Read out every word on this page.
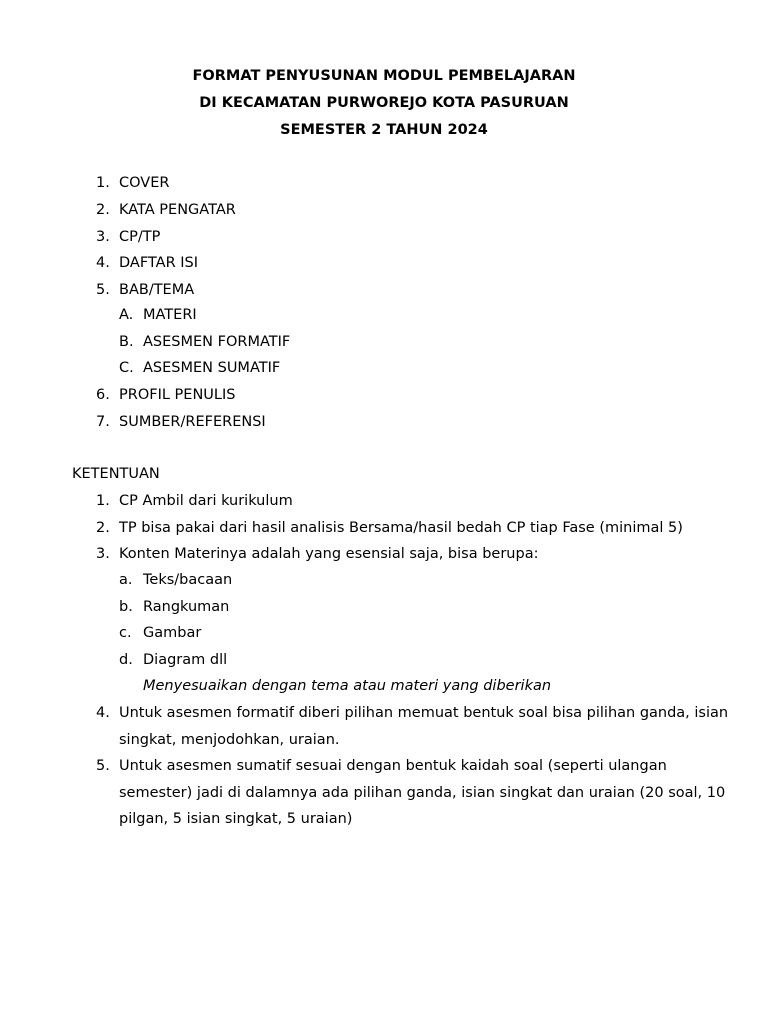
FORMAT PENYUSUNAN MODUL PEMBELAJARAN
DI KECAMATAN PURWOREJO KOTA PASURUAN
SEMESTER 2 TAHUN 2024
1. COVER
2. KATA PENGATAR
3. CP/TP
4. DAFTAR ISI
5. BAB/TEMA
A. MATERI
B. ASESMEN FORMATIF
C. ASESMEN SUMATIF
6. PROFIL PENULIS
7. SUMBER/REFERENSI
KETENTUAN
1. CP Ambil dari kurikulum
2. TP bisa pakai dari hasil analisis Bersama/hasil bedah CP tiap Fase (minimal 5)
3. Konten Materinya adalah yang esensial saja, bisa berupa:
a. Teks/bacaan
b. Rangkuman
c. Gambar
d. Diagram dll
Menyesuaikan dengan tema atau materi yang diberikan
4. Untuk asesmen formatif diberi pilihan memuat bentuk soal bisa pilihan ganda, isian
singkat, menjodohkan, uraian.
5. Untuk asesmen sumatif sesuai dengan bentuk kaidah soal (seperti ulangan
semester) jadi di dalamnya ada pilihan ganda, isian singkat dan uraian (20 soal, 10
pilgan, 5 isian singkat, 5 uraian)
